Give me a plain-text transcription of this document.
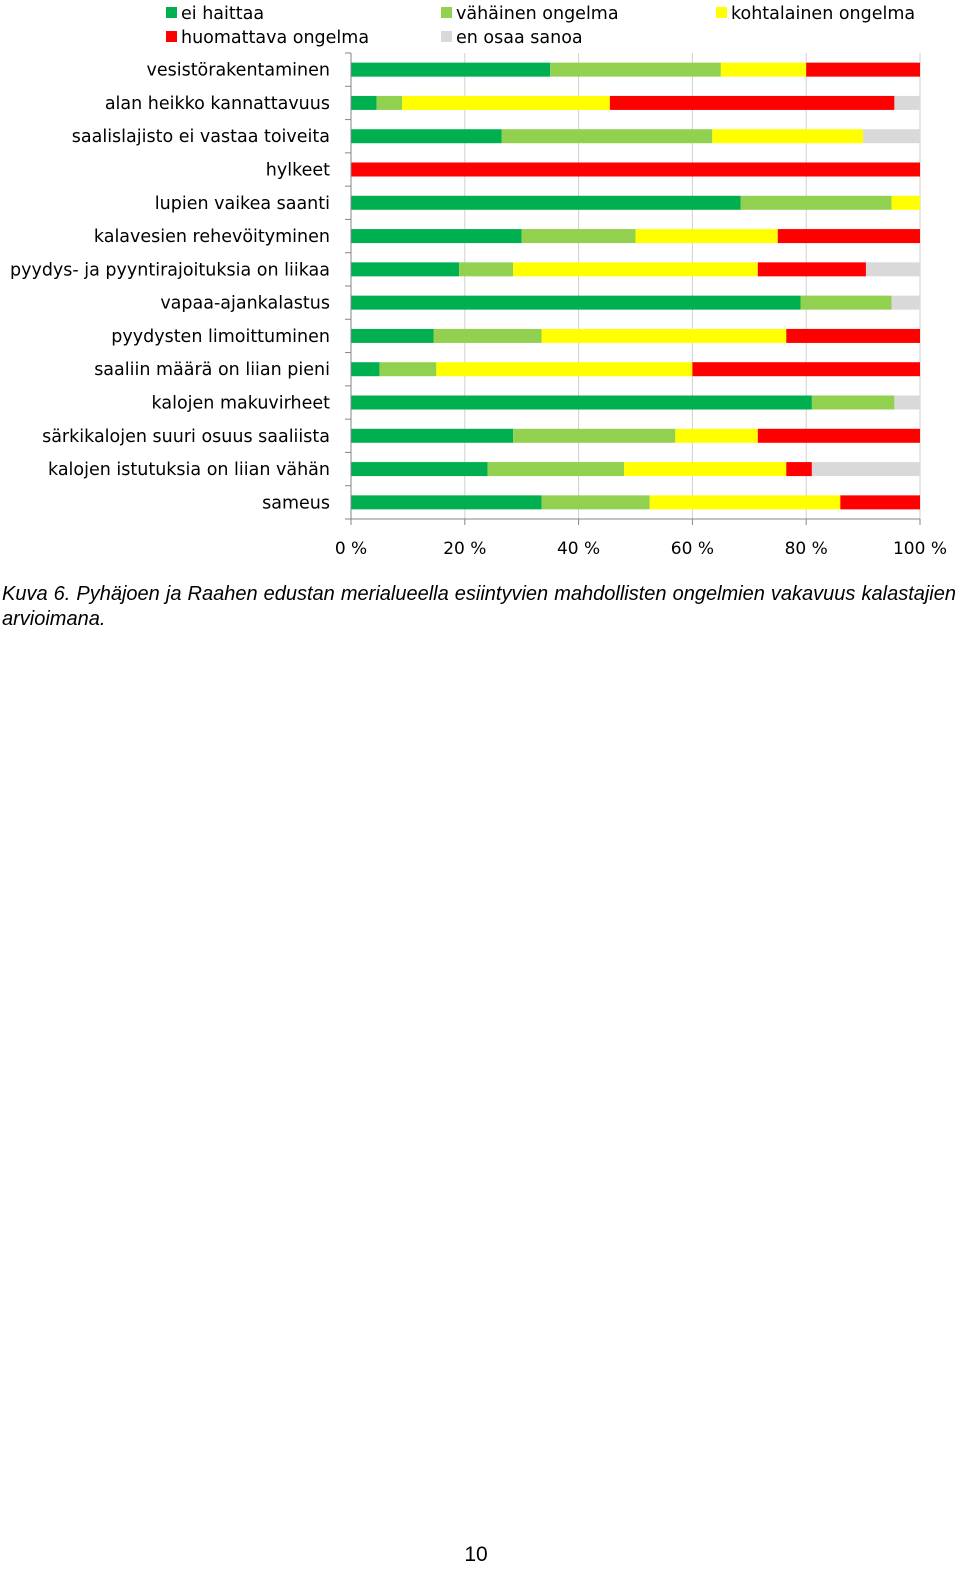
ei haittaa	vähäinen ongelma	kohtalainen ongelma
huomattava ongelma	en osaa sanoa
vesistörakentaminen
alan heikko kannattavuus
saalislajisto ei vastaa toiveita
hylkeet
lupien vaikea saanti
kalavesien rehevöityminen
pyydys- ja pyyntirajoituksia on liikaa
vapaa-ajankalastus
pyydysten limoittuminen
saaliin määrä on liian pieni
kalojen makuvirheet
särkikalojen suuri osuus saaliista
kalojen istutuksia on liian vähän
sameus
0 %	20 %	40 %	60 %	80 %	100 %
Kuva 6. Pyhäjoen ja Raahen edustan merialueella esiintyvien mahdollisten ongelmien vakavuus kalastajien arvioimana.
10
